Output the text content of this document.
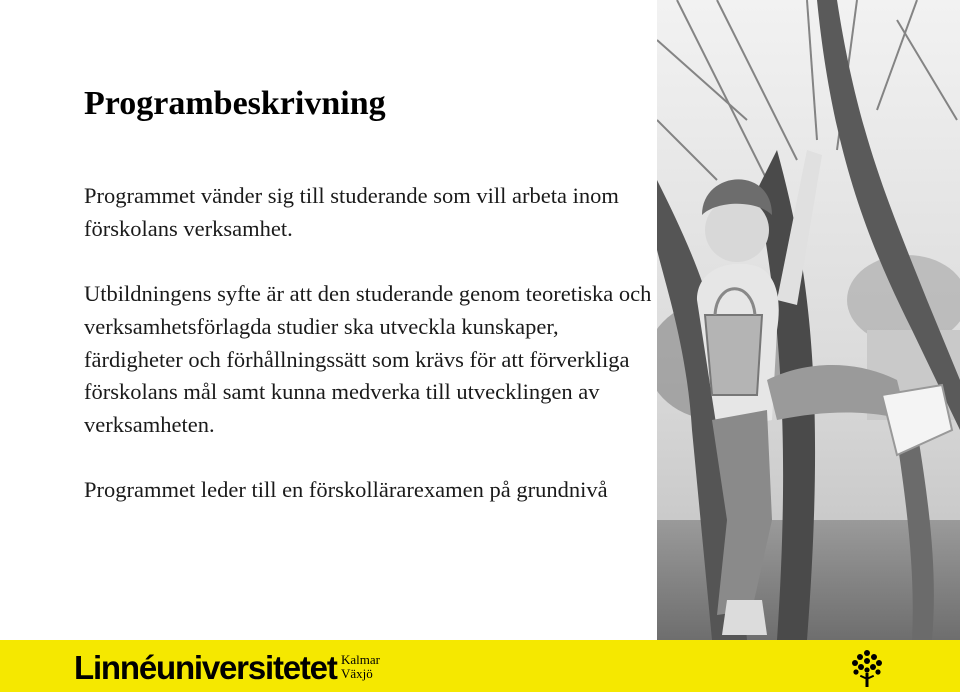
Programbeskrivning

Programmet vänder sig till studerande som vill arbeta inom förskolans verksamhet.

Utbildningens syfte är att den studerande genom teoretiska och verksamhetsförlagda studier ska utveckla kunskaper, färdigheter och förhållningssätt som krävs för att förverkliga förskolans mål samt kunna medverka till utvecklingen av verksamheten.

Programmet leder till en förskollärarexamen på grundnivå

Linnéuniversitetet Kalmar
Växjö
